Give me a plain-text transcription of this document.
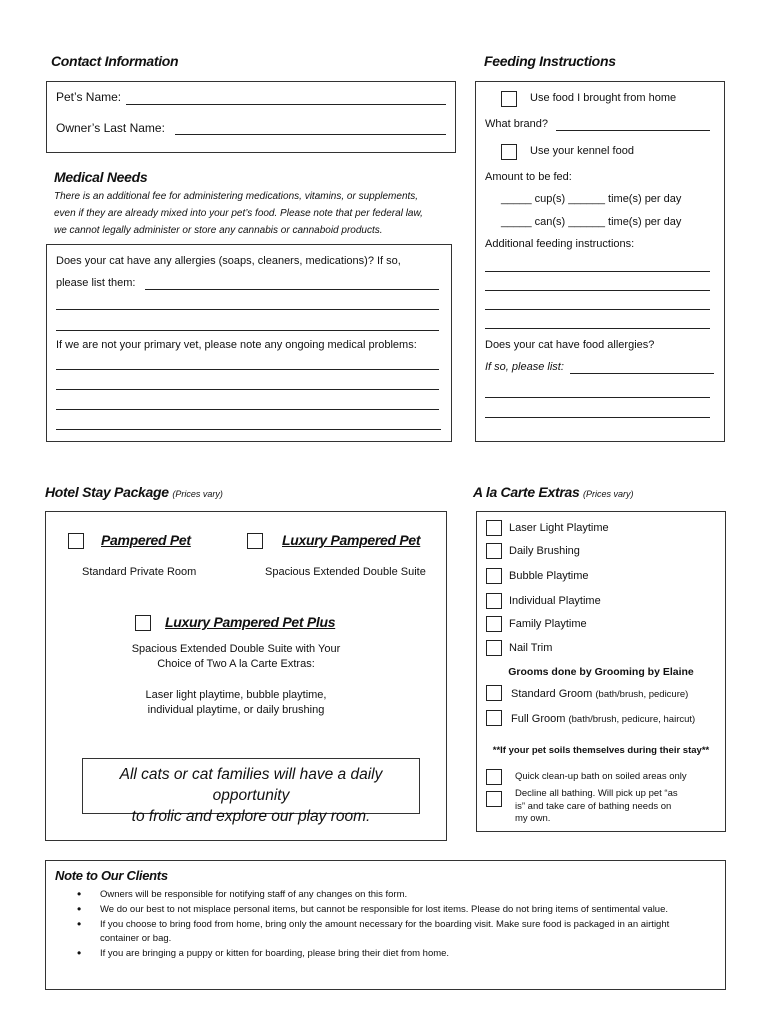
Contact Information
Pet’s Name:
Owner’s Last Name:
Medical Needs
There is an additional fee for administering medications, vitamins, or supplements,
even if they are already mixed into your pet’s food. Please note that per federal law,
we cannot legally administer or store any cannabis or cannaboid products.
Does your cat have any allergies (soaps, cleaners, medications)? If so,
please list them:
If we are not your primary vet, please note any ongoing medical problems:
Feeding Instructions
Use food I brought from home
What brand?
Use your kennel food
Amount to be fed:
_____ cup(s) ______ time(s) per day
_____ can(s) ______ time(s) per day
Additional feeding instructions:
Does your cat have food allergies?
If so, please list:
Hotel Stay Package (Prices vary)
Pampered Pet
Standard Private Room
Luxury Pampered Pet
Spacious Extended Double Suite
Luxury Pampered Pet Plus
Spacious Extended Double Suite with Your
Choice of Two A la Carte Extras:
Laser light playtime, bubble playtime,
individual playtime, or daily brushing
All cats or cat families will have a daily opportunity
to frolic and explore our play room.
A la Carte Extras (Prices vary)
Laser Light Playtime
Daily Brushing
Bubble Playtime
Individual Playtime
Family Playtime
Nail Trim
Grooms done by Grooming by Elaine
Standard Groom (bath/brush, pedicure)
Full Groom (bath/brush, pedicure, haircut)
**If your pet soils themselves during their stay**
Quick clean-up bath on soiled areas only
Decline all bathing. Will pick up pet “as
is” and take care of bathing needs on
my own.
Note to Our Clients
• Owners will be responsible for notifying staff of any changes on this form.
• We do our best to not misplace personal items, but cannot be responsible for lost items. Please do not bring items of sentimental value.
• If you choose to bring food from home, bring only the amount necessary for the boarding visit. Make sure food is packaged in an airtight container or bag.
• If you are bringing a puppy or kitten for boarding, please bring their diet from home.
